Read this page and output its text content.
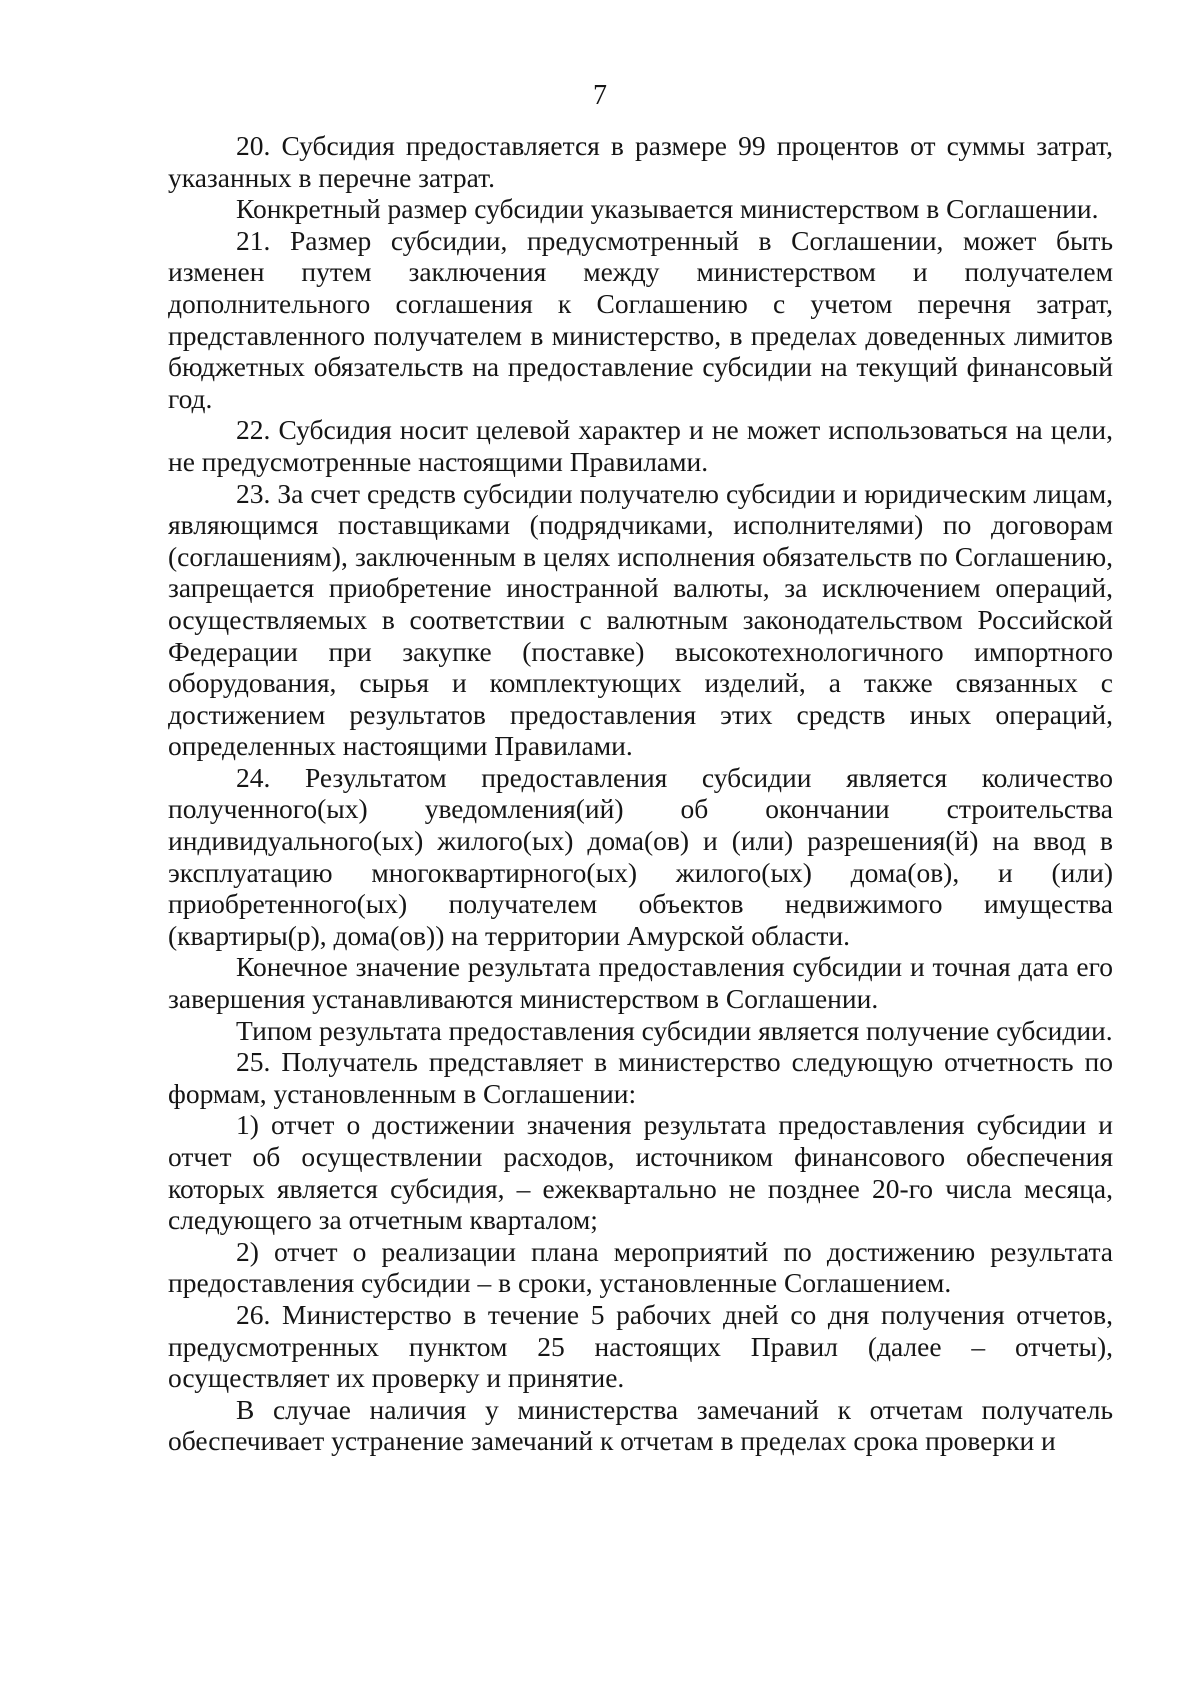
7

20. Субсидия предоставляется в размере 99 процентов от суммы затрат, указанных в перечне затрат.

Конкретный размер субсидии указывается министерством в Соглашении.

21. Размер субсидии, предусмотренный в Соглашении, может быть изменен путем заключения между министерством и получателем дополнительного соглашения к Соглашению с учетом перечня затрат, представленного получателем в министерство, в пределах доведенных лимитов бюджетных обязательств на предоставление субсидии на текущий финансовый год.

22. Субсидия носит целевой характер и не может использоваться на цели, не предусмотренные настоящими Правилами.

23. За счет средств субсидии получателю субсидии и юридическим лицам, являющимся поставщиками (подрядчиками, исполнителями) по договорам (соглашениям), заключенным в целях исполнения обязательств по Соглашению, запрещается приобретение иностранной валюты, за исключением операций, осуществляемых в соответствии с валютным законодательством Российской Федерации при закупке (поставке) высокотехнологичного импортного оборудования, сырья и комплектующих изделий, а также связанных с достижением результатов предоставления этих средств иных операций, определенных настоящими Правилами.

24. Результатом предоставления субсидии является количество полученного(ых) уведомления(ий) об окончании строительства индивидуального(ых) жилого(ых) дома(ов) и (или) разрешения(й) на ввод в эксплуатацию многоквартирного(ых) жилого(ых) дома(ов), и (или) приобретенного(ых) получателем объектов недвижимого имущества (квартиры(р), дома(ов)) на территории Амурской области.

Конечное значение результата предоставления субсидии и точная дата его завершения устанавливаются министерством в Соглашении.

Типом результата предоставления субсидии является получение субсидии.

25. Получатель представляет в министерство следующую отчетность по формам, установленным в Соглашении:

1) отчет о достижении значения результата предоставления субсидии и отчет об осуществлении расходов, источником финансового обеспечения которых является субсидия, – ежеквартально не позднее 20-го числа месяца, следующего за отчетным кварталом;

2) отчет о реализации плана мероприятий по достижению результата предоставления субсидии – в сроки, установленные Соглашением.

26. Министерство в течение 5 рабочих дней со дня получения отчетов, предусмотренных пунктом 25 настоящих Правил (далее – отчеты), осуществляет их проверку и принятие.

В случае наличия у министерства замечаний к отчетам получатель обеспечивает устранение замечаний к отчетам в пределах срока проверки и
